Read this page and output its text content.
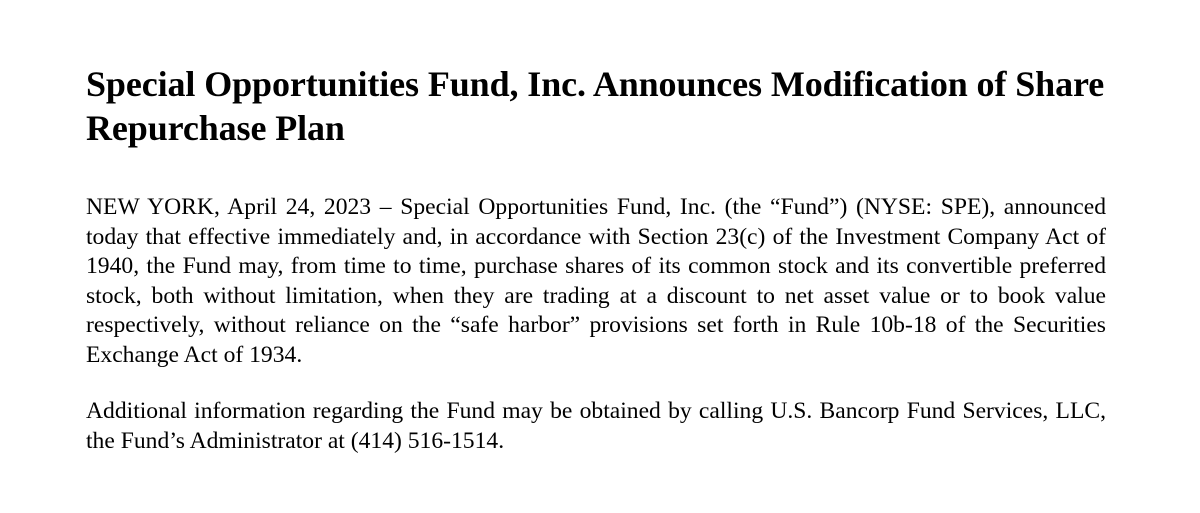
Special Opportunities Fund, Inc. Announces Modification of Share Repurchase Plan

NEW YORK, April 24, 2023 – Special Opportunities Fund, Inc. (the “Fund”) (NYSE: SPE), announced today that effective immediately and, in accordance with Section 23(c) of the Investment Company Act of 1940, the Fund may, from time to time, purchase shares of its common stock and its convertible preferred stock, both without limitation, when they are trading at a discount to net asset value or to book value respectively, without reliance on the “safe harbor” provisions set forth in Rule 10b-18 of the Securities Exchange Act of 1934.

Additional information regarding the Fund may be obtained by calling U.S. Bancorp Fund Services, LLC, the Fund’s Administrator at (414) 516-1514.
